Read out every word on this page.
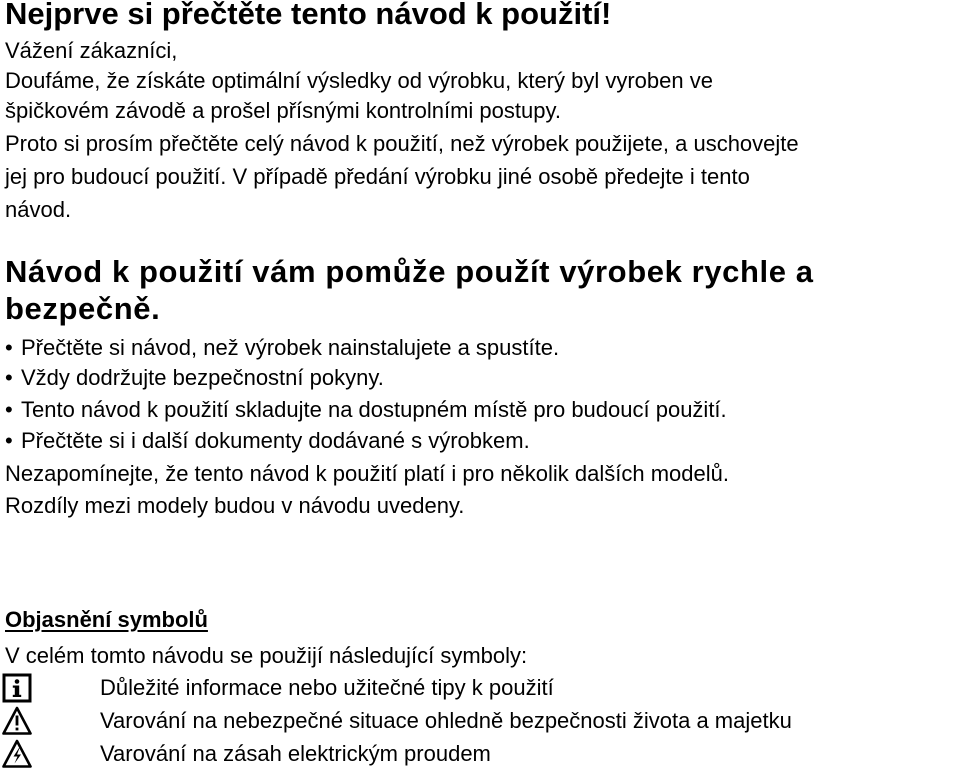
Nejprve si přečtěte tento návod k použití!

Vážení zákazníci,

Doufáme, že získáte optimální výsledky od výrobku, který byl vyroben ve

špičkovém závodě a prošel přísnými kontrolními postupy.

Proto si prosím přečtěte celý návod k použití, než výrobek použijete, a uschovejte

jej pro budoucí použití. V případě předání výrobku jiné osobě předejte i tento

návod.

Návod k použití vám pomůže použít výrobek rychle a bezpečně.

• Přečtěte si návod, než výrobek nainstalujete a spustíte.

• Vždy dodržujte bezpečnostní pokyny.

• Tento návod k použití skladujte na dostupném místě pro budoucí použití.

• Přečtěte si i další dokumenty dodávané s výrobkem.

Nezapomínejte, že tento návod k použití platí i pro několik dalších modelů.

Rozdíly mezi modely budou v návodu uvedeny.

Objasnění symbolů

V celém tomto návodu se použijí následující symboly:

Důležité informace nebo užitečné tipy k použití
Varování na nebezpečné situace ohledně bezpečnosti života a majetku
Varování na zásah elektrickým proudem
